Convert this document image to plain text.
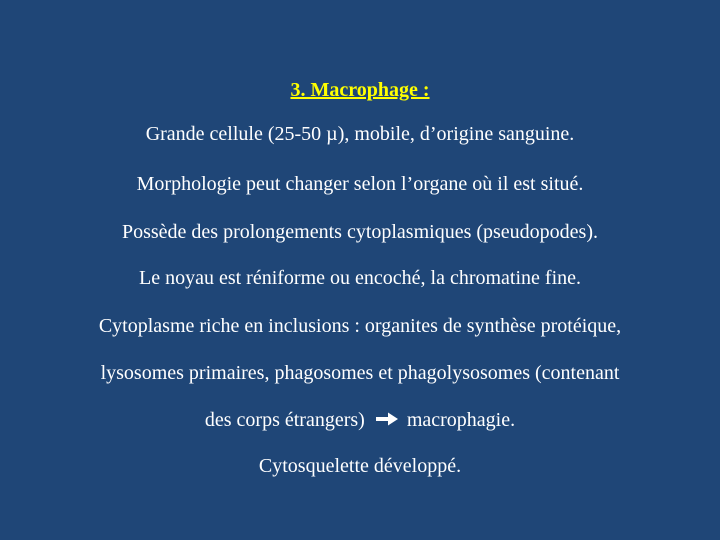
3. Macrophage :
Grande cellule (25-50 µ), mobile, d’origine sanguine.
Morphologie peut changer selon l’organe où il est situé.
Possède des prolongements cytoplasmiques (pseudopodes).
Le noyau est réniforme ou encoché, la chromatine fine.
Cytoplasme riche en inclusions : organites de synthèse protéique,
lysosomes primaires, phagosomes et phagolysosomes (contenant
des corps étrangers) macrophagie.
Cytosquelette développé.
